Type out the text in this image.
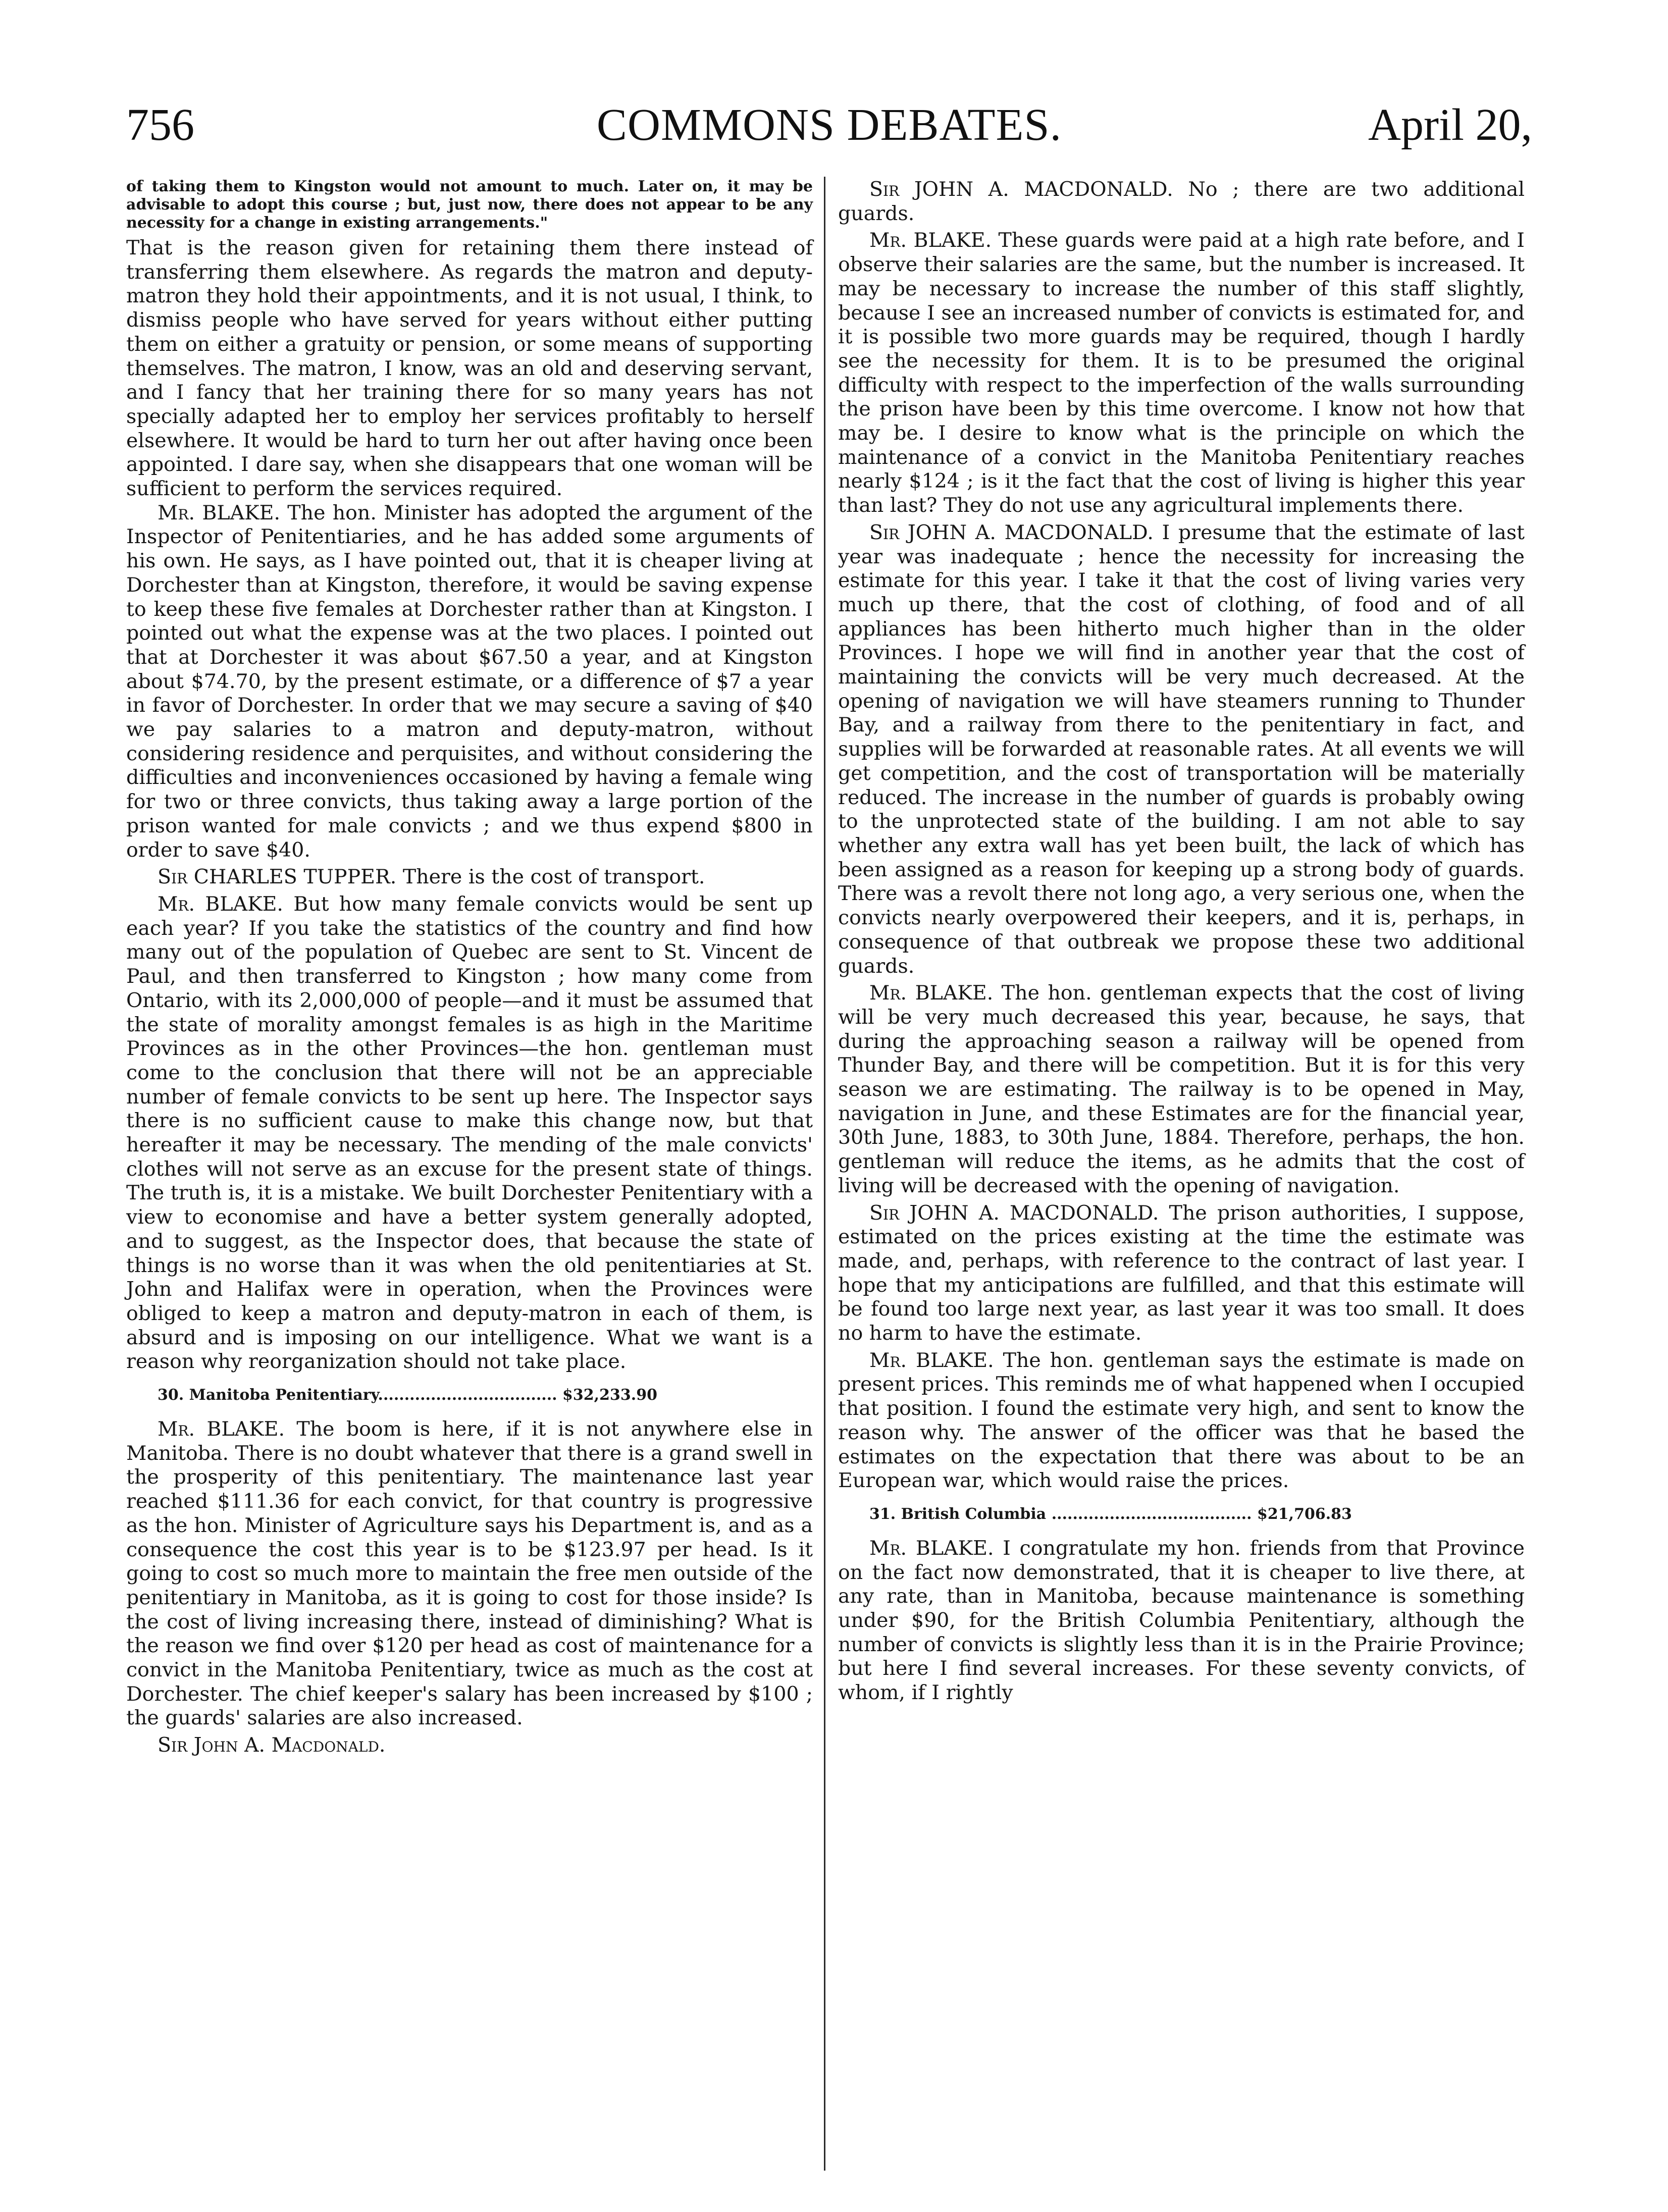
756	COMMONS DEBATES.	April 20,

of taking them to Kingston would not amount to much. Later on, it may be advisable to adopt this course ; but, just now, there does not appear to be any necessity for a change in existing arrangements."

That is the reason given for retaining them there instead of transferring them elsewhere. As regards the matron and deputy-matron they hold their appointments, and it is not usual, I think, to dismiss people who have served for years without either putting them on either a gratuity or pension, or some means of supporting themselves. The matron, I know, was an old and deserving servant, and I fancy that her training there for so many years has not specially adapted her to employ her services profitably to herself elsewhere. It would be hard to turn her out after having once been appointed. I dare say, when she disappears that one woman will be sufficient to perform the services required.

Mr. BLAKE. The hon. Minister has adopted the argument of the Inspector of Penitentiaries, and he has added some arguments of his own. He says, as I have pointed out, that it is cheaper living at Dorchester than at Kingston, therefore, it would be saving expense to keep these five females at Dorchester rather than at Kingston. I pointed out what the expense was at the two places. I pointed out that at Dorchester it was about $67.50 a year, and at Kingston about $74.70, by the present estimate, or a difference of $7 a year in favor of Dorchester. In order that we may secure a saving of $40 we pay salaries to a matron and deputy-matron, without considering residence and perquisites, and without considering the difficulties and inconveniences occasioned by having a female wing for two or three convicts, thus taking away a large portion of the prison wanted for male convicts ; and we thus expend $800 in order to save $40.

Sir CHARLES TUPPER. There is the cost of transport.

Mr. BLAKE. But how many female convicts would be sent up each year? If you take the statistics of the country and find how many out of the population of Quebec are sent to St. Vincent de Paul, and then transferred to Kingston ; how many come from Ontario, with its 2,000,000 of people—and it must be assumed that the state of morality amongst females is as high in the Maritime Provinces as in the other Provinces—the hon. gentleman must come to the conclusion that there will not be an appreciable number of female convicts to be sent up here. The Inspector says there is no sufficient cause to make this change now, but that hereafter it may be necessary. The mending of the male convicts' clothes will not serve as an excuse for the present state of things. The truth is, it is a mistake. We built Dorchester Penitentiary with a view to economise and have a better system generally adopted, and to suggest, as the Inspector does, that because the state of things is no worse than it was when the old penitentiaries at St. John and Halifax were in operation, when the Provinces were obliged to keep a matron and deputy-matron in each of them, is absurd and is imposing on our intelligence. What we want is a reason why reorganization should not take place.

30. Manitoba Penitentiary.................................. $32,233.90

Mr. BLAKE. The boom is here, if it is not anywhere else in Manitoba. There is no doubt whatever that there is a grand swell in the prosperity of this penitentiary. The maintenance last year reached $111.36 for each convict, for that country is progressive as the hon. Minister of Agriculture says his Department is, and as a consequence the cost this year is to be $123.97 per head. Is it going to cost so much more to maintain the free men outside of the penitentiary in Manitoba, as it is going to cost for those inside? Is the cost of living increasing there, instead of diminishing? What is the reason we find over $120 per head as cost of maintenance for a convict in the Manitoba Penitentiary, twice as much as the cost at Dorchester. The chief keeper's salary has been increased by $100 ; the guards' salaries are also increased.

Sir John A. Macdonald.

Sir JOHN A. MACDONALD. No ; there are two additional guards.

Mr. BLAKE. These guards were paid at a high rate before, and I observe their salaries are the same, but the number is increased. It may be necessary to increase the number of this staff slightly, because I see an increased number of convicts is estimated for, and it is possible two more guards may be required, though I hardly see the necessity for them. It is to be presumed the original difficulty with respect to the imperfection of the walls surrounding the prison have been by this time overcome. I know not how that may be. I desire to know what is the principle on which the maintenance of a convict in the Manitoba Penitentiary reaches nearly $124 ; is it the fact that the cost of living is higher this year than last? They do not use any agricultural implements there.

Sir JOHN A. MACDONALD. I presume that the estimate of last year was inadequate ; hence the necessity for increasing the estimate for this year. I take it that the cost of living varies very much up there, that the cost of clothing, of food and of all appliances has been hitherto much higher than in the older Provinces. I hope we will find in another year that the cost of maintaining the convicts will be very much decreased. At the opening of navigation we will have steamers running to Thunder Bay, and a railway from there to the penitentiary in fact, and supplies will be forwarded at reasonable rates. At all events we will get competition, and the cost of transportation will be materially reduced. The increase in the number of guards is probably owing to the unprotected state of the building. I am not able to say whether any extra wall has yet been built, the lack of which has been assigned as a reason for keeping up a strong body of guards. There was a revolt there not long ago, a very serious one, when the convicts nearly overpowered their keepers, and it is, perhaps, in consequence of that outbreak we propose these two additional guards.

Mr. BLAKE. The hon. gentleman expects that the cost of living will be very much decreased this year, because, he says, that during the approaching season a railway will be opened from Thunder Bay, and there will be competition. But it is for this very season we are estimating. The railway is to be opened in May, navigation in June, and these Estimates are for the financial year, 30th June, 1883, to 30th June, 1884. Therefore, perhaps, the hon. gentleman will reduce the items, as he admits that the cost of living will be decreased with the opening of navigation.

Sir JOHN A. MACDONALD. The prison authorities, I suppose, estimated on the prices existing at the time the estimate was made, and, perhaps, with reference to the contract of last year. I hope that my anticipations are fulfilled, and that this estimate will be found too large next year, as last year it was too small. It does no harm to have the estimate.

Mr. BLAKE. The hon. gentleman says the estimate is made on present prices. This reminds me of what happened when I occupied that position. I found the estimate very high, and sent to know the reason why. The answer of the officer was that he based the estimates on the expectation that there was about to be an European war, which would raise the prices.

31. British Columbia ...................................... $21,706.83

Mr. BLAKE. I congratulate my hon. friends from that Province on the fact now demonstrated, that it is cheaper to live there, at any rate, than in Manitoba, because maintenance is something under $90, for the British Columbia Penitentiary, although the number of convicts is slightly less than it is in the Prairie Province; but here I find several increases. For these seventy convicts, of whom, if I rightly
